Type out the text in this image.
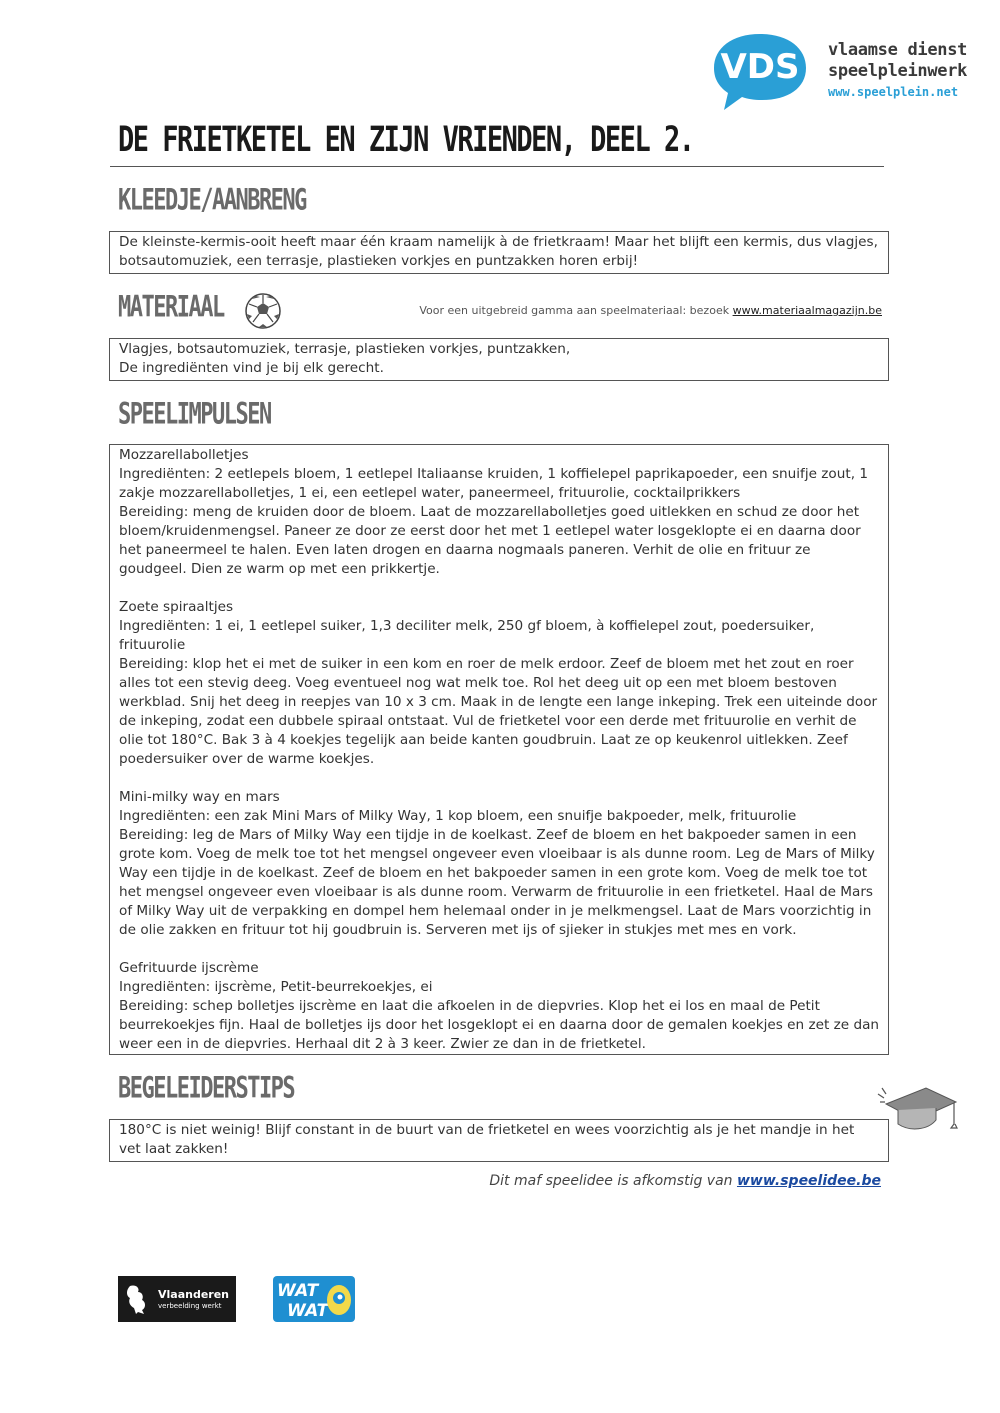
VDS vlaamse dienst
speelpleinwerk
www.speelplein.net
DE FRIETKETEL EN ZIJN VRIENDEN, DEEL 2.
KLEEDJE/AANBRENG

De kleinste-kermis-ooit heeft maar één kraam namelijk à de frietkraam! Maar het blijft een kermis, dus vlagjes, botsautomuziek, een terrasje, plastieken vorkjes en puntzakken horen erbij!

MATERIAAL	Voor een uitgebreid gamma aan speelmateriaal: bezoek www.materiaalmagazijn.be

Vlagjes, botsautomuziek, terrasje, plastieken vorkjes, puntzakken,

De ingrediënten vind je bij elk gerecht.

SPEELIMPULSEN

Mozzarellabolletjes

Ingrediënten: 2 eetlepels bloem, 1 eetlepel Italiaanse kruiden, 1 koffielepel paprikapoeder, een snuifje zout, 1 zakje mozzarellabolletjes, 1 ei, een eetlepel water, paneermeel, frituurolie, cocktailprikkers

Bereiding: meng de kruiden door de bloem. Laat de mozzarellabolletjes goed uitlekken en schud ze door het bloem/kruidenmengsel. Paneer ze door ze eerst door het met 1 eetlepel water losgeklopte ei en daarna door het paneermeel te halen. Even laten drogen en daarna nogmaals paneren. Verhit de olie en frituur ze goudgeel. Dien ze warm op met een prikkertje.

Zoete spiraaltjes

Ingrediënten: 1 ei, 1 eetlepel suiker, 1,3 deciliter melk, 250 gf bloem, à koffielepel zout, poedersuiker, frituurolie

Bereiding: klop het ei met de suiker in een kom en roer de melk erdoor. Zeef de bloem met het zout en roer alles tot een stevig deeg. Voeg eventueel nog wat melk toe. Rol het deeg uit op een met bloem bestoven werkblad. Snij het deeg in reepjes van 10 x 3 cm. Maak in de lengte een lange inkeping. Trek een uiteinde door de inkeping, zodat een dubbele spiraal ontstaat. Vul de frietketel voor een derde met frituurolie en verhit de olie tot 180°C. Bak 3 à 4 koekjes tegelijk aan beide kanten goudbruin. Laat ze op keukenrol uitlekken. Zeef poedersuiker over de warme koekjes.

Mini-milky way en mars

Ingrediënten: een zak Mini Mars of Milky Way, 1 kop bloem, een snuifje bakpoeder, melk, frituurolie

Bereiding: leg de Mars of Milky Way een tijdje in de koelkast. Zeef de bloem en het bakpoeder samen in een grote kom. Voeg de melk toe tot het mengsel ongeveer even vloeibaar is als dunne room. Leg de Mars of Milky Way een tijdje in de koelkast. Zeef de bloem en het bakpoeder samen in een grote kom. Voeg de melk toe tot het mengsel ongeveer even vloeibaar is als dunne room. Verwarm de frituurolie in een frietketel. Haal de Mars of Milky Way uit de verpakking en dompel hem helemaal onder in je melkmengsel. Laat de Mars voorzichtig in de olie zakken en frituur tot hij goudbruin is. Serveren met ijs of sjieker in stukjes met mes en vork.

Gefrituurde ijscrème

Ingrediënten: ijscrème, Petit-beurrekoekjes, ei

Bereiding: schep bolletjes ijscrème en laat die afkoelen in de diepvries. Klop het ei los en maal de Petit beurrekoekjes fijn. Haal de bolletjes ijs door het losgeklopt ei en daarna door de gemalen koekjes en zet ze dan weer een in de diepvries. Herhaal dit 2 à 3 keer. Zwier ze dan in de frietketel.

BEGELEIDERSTIPS

180°C is niet weinig! Blijf constant in de buurt van de frietketel en wees voorzichtig als je het mandje in het vet laat zakken!

Dit maf speelidee is afkomstig van www.speelidee.be
Vlaanderen
verbeelding werkt
WAT
WAT
